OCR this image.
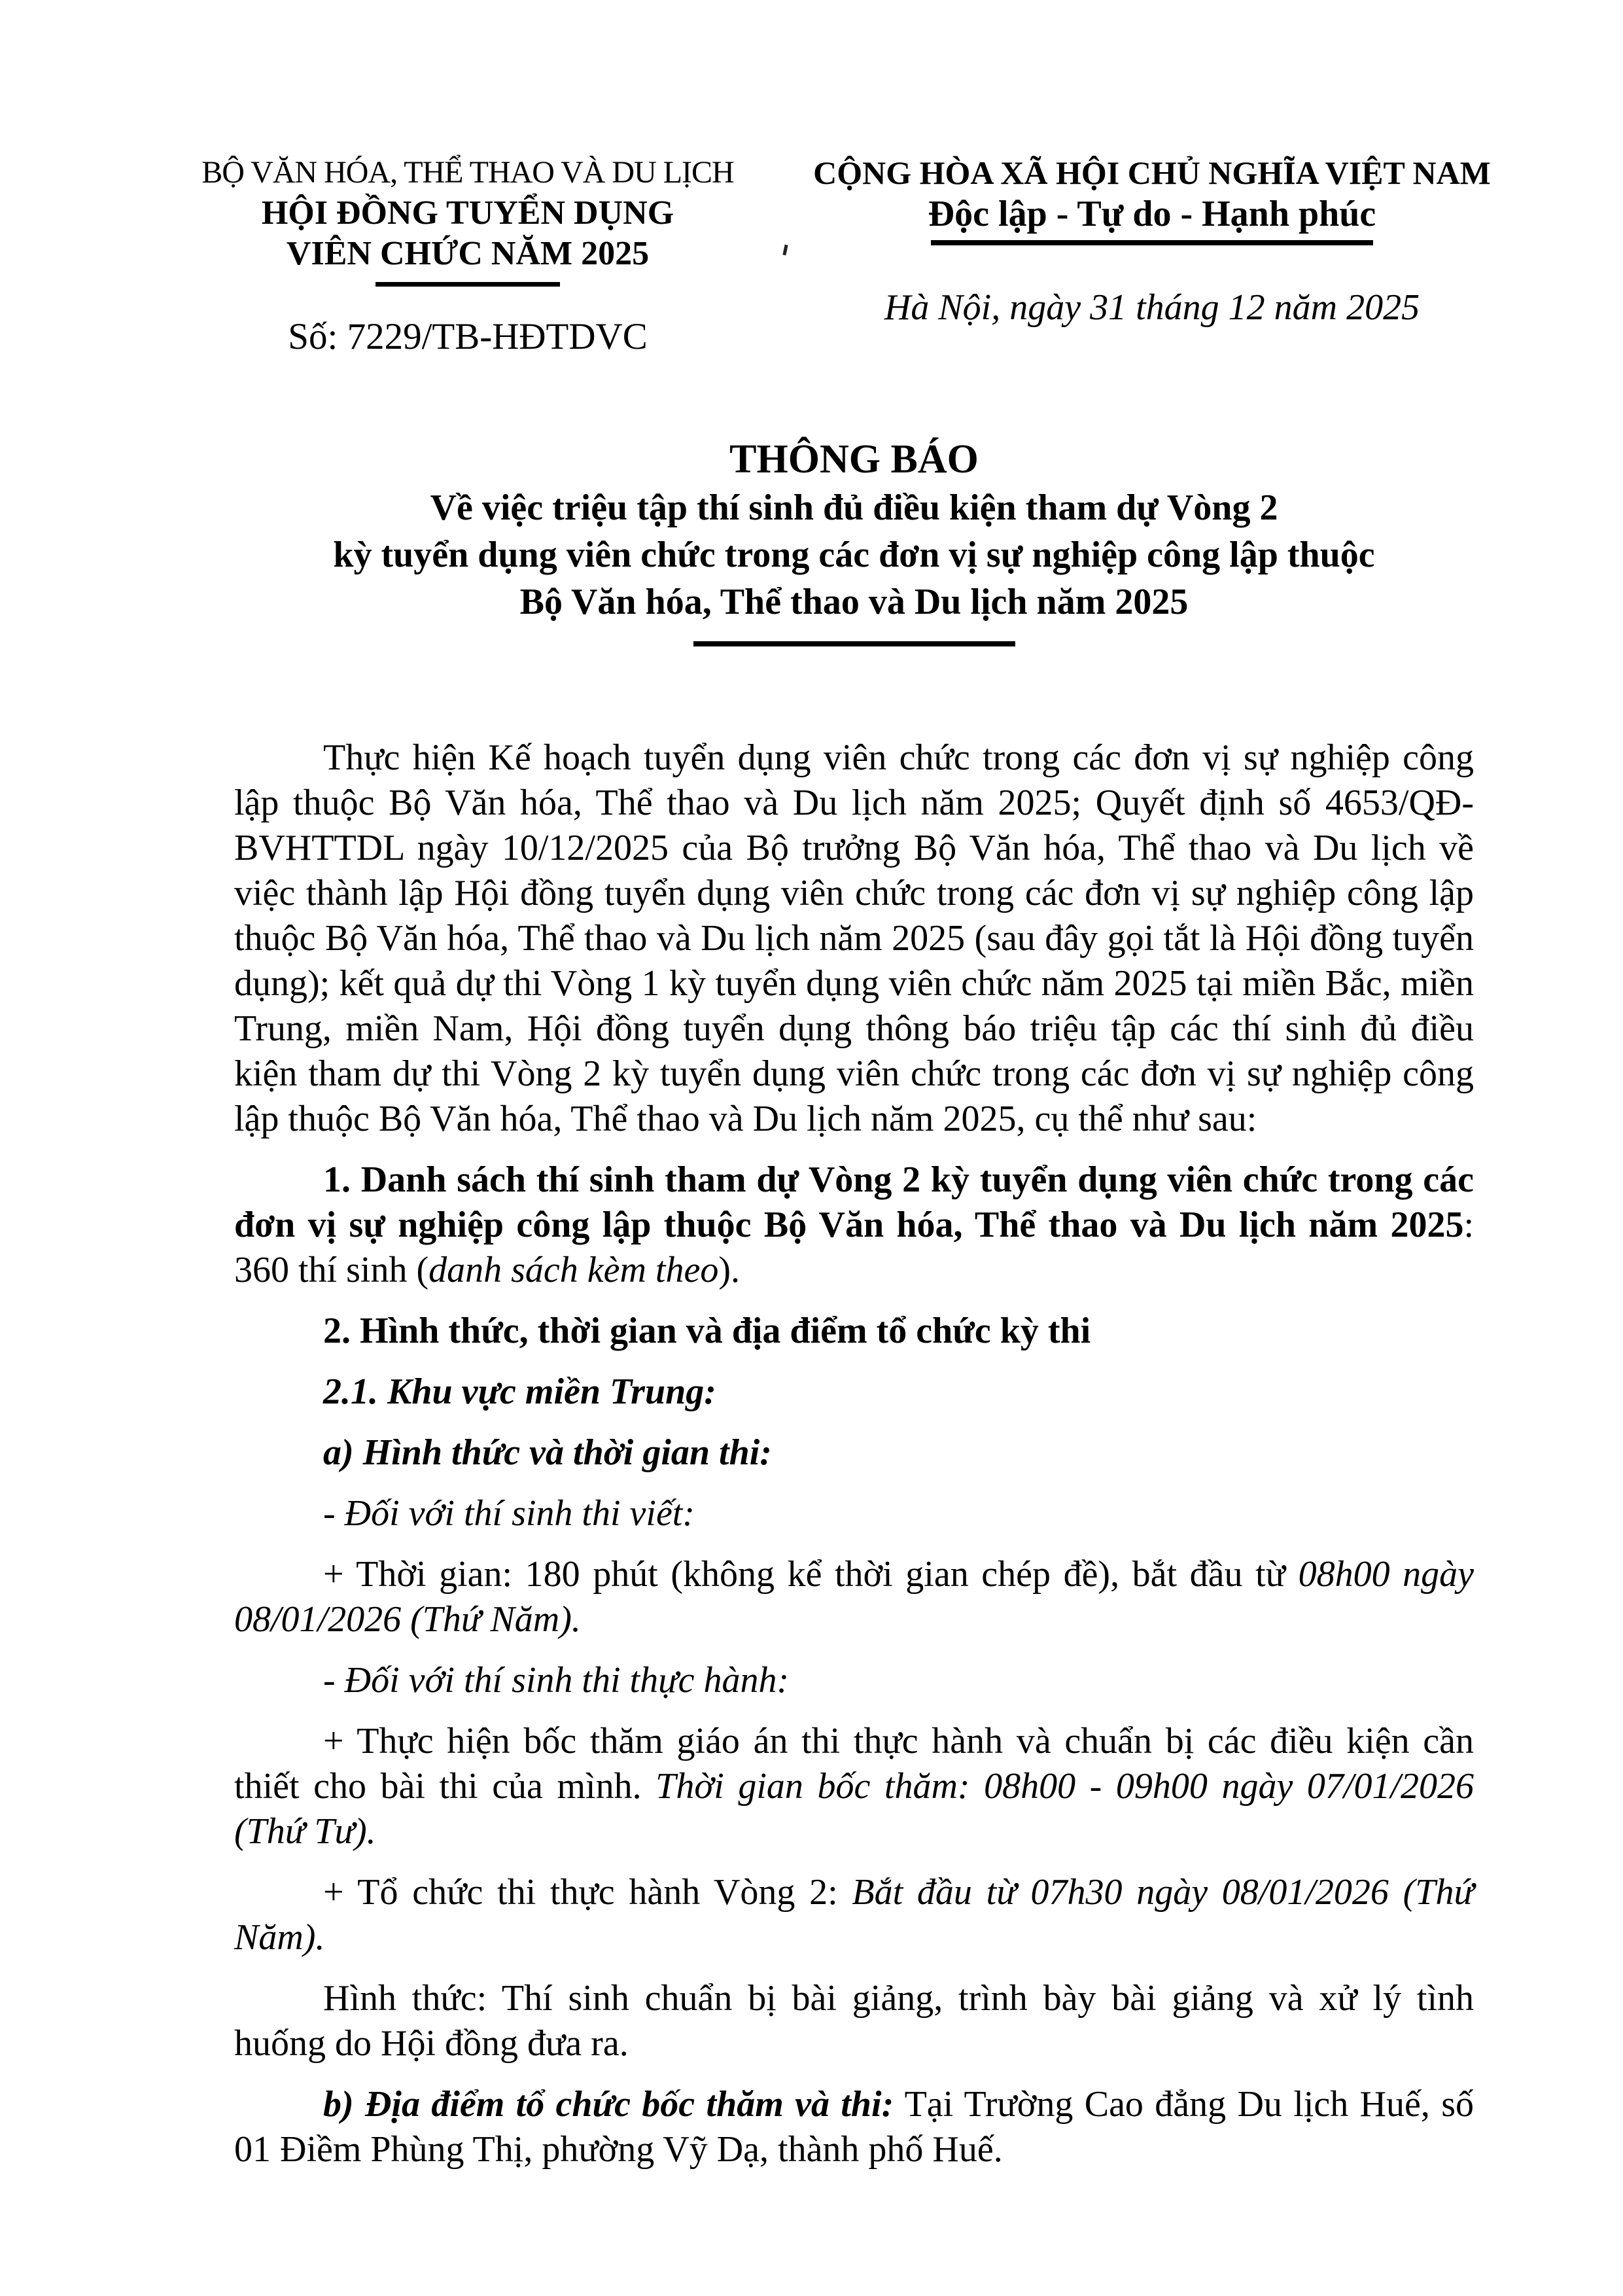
BỘ VĂN HÓA, THỂ THAO VÀ DU LỊCH
HỘI ĐỒNG TUYỂN DỤNG
VIÊN CHỨC NĂM 2025
Số: 7229/TB-HĐTDVC
CỘNG HÒA XÃ HỘI CHỦ NGHĨA VIỆT NAM
Độc lập - Tự do - Hạnh phúc
Hà Nội, ngày 31 tháng 12 năm 2025
THÔNG BÁO
Về việc triệu tập thí sinh đủ điều kiện tham dự Vòng 2
kỳ tuyển dụng viên chức trong các đơn vị sự nghiệp công lập thuộc
Bộ Văn hóa, Thể thao và Du lịch năm 2025

Thực hiện Kế hoạch tuyển dụng viên chức trong các đơn vị sự nghiệp công lập thuộc Bộ Văn hóa, Thể thao và Du lịch năm 2025; Quyết định số 4653/QĐ-BVHTTDL ngày 10/12/2025 của Bộ trưởng Bộ Văn hóa, Thể thao và Du lịch về việc thành lập Hội đồng tuyển dụng viên chức trong các đơn vị sự nghiệp công lập thuộc Bộ Văn hóa, Thể thao và Du lịch năm 2025 (sau đây gọi tắt là Hội đồng tuyển dụng); kết quả dự thi Vòng 1 kỳ tuyển dụng viên chức năm 2025 tại miền Bắc, miền Trung, miền Nam, Hội đồng tuyển dụng thông báo triệu tập các thí sinh đủ điều kiện tham dự thi Vòng 2 kỳ tuyển dụng viên chức trong các đơn vị sự nghiệp công lập thuộc Bộ Văn hóa, Thể thao và Du lịch năm 2025, cụ thể như sau:

1. Danh sách thí sinh tham dự Vòng 2 kỳ tuyển dụng viên chức trong các đơn vị sự nghiệp công lập thuộc Bộ Văn hóa, Thể thao và Du lịch năm 2025: 360 thí sinh (danh sách kèm theo).

2. Hình thức, thời gian và địa điểm tổ chức kỳ thi

2.1. Khu vực miền Trung:

a) Hình thức và thời gian thi:

- Đối với thí sinh thi viết:

+ Thời gian: 180 phút (không kể thời gian chép đề), bắt đầu từ 08h00 ngày 08/01/2026 (Thứ Năm).

- Đối với thí sinh thi thực hành:

+ Thực hiện bốc thăm giáo án thi thực hành và chuẩn bị các điều kiện cần thiết cho bài thi của mình. Thời gian bốc thăm: 08h00 - 09h00 ngày 07/01/2026 (Thứ Tư).

+ Tổ chức thi thực hành Vòng 2: Bắt đầu từ 07h30 ngày 08/01/2026 (Thứ Năm).

Hình thức: Thí sinh chuẩn bị bài giảng, trình bày bài giảng và xử lý tình huống do Hội đồng đưa ra.

b) Địa điểm tổ chức bốc thăm và thi: Tại Trường Cao đẳng Du lịch Huế, số 01 Điềm Phùng Thị, phường Vỹ Dạ, thành phố Huế.
